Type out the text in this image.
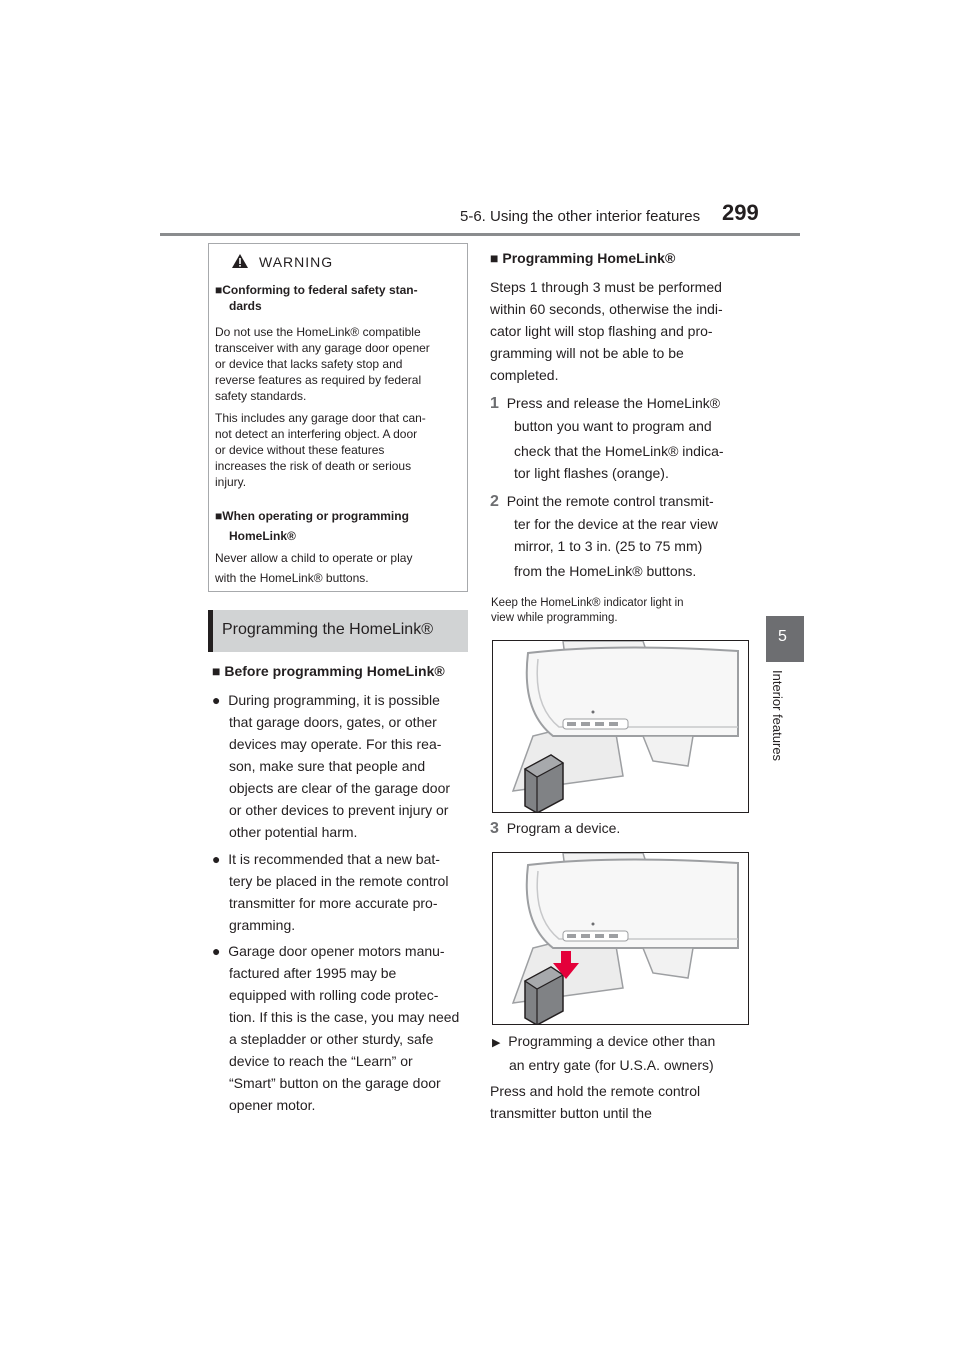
5-6. Using the other interior features 299
5
Interior features
WARNING
■Conforming to federal safety stan-
dards
Do not use the HomeLink® compatible
transceiver with any garage door opener
or device that lacks safety stop and
reverse features as required by federal
safety standards.
This includes any garage door that can-
not detect an interfering object. A door
or device without these features
increases the risk of death or serious
injury.
■When operating or programming
HomeLink®
Never allow a child to operate or play
with the HomeLink® buttons.
Programming the HomeLink®
■ Before programming HomeLink®
● During programming, it is possible
that garage doors, gates, or other
devices may operate. For this rea-
son, make sure that people and
objects are clear of the garage door
or other devices to prevent injury or
other potential harm.
● It is recommended that a new bat-
tery be placed in the remote control
transmitter for more accurate pro-
gramming.
● Garage door opener motors manu-
factured after 1995 may be
equipped with rolling code protec-
tion. If this is the case, you may need
a stepladder or other sturdy, safe
device to reach the “Learn” or
“Smart” button on the garage door
opener motor.
■ Programming HomeLink®
Steps 1 through 3 must be performed
within 60 seconds, otherwise the indi-
cator light will stop flashing and pro-
gramming will not be able to be
completed.
1 Press and release the HomeLink®
button you want to program and
check that the HomeLink® indica-
tor light flashes (orange).
2 Point the remote control transmit-
ter for the device at the rear view
mirror, 1 to 3 in. (25 to 75 mm)
from the HomeLink® buttons.
Keep the HomeLink® indicator light in
view while programming.
3 Program a device.
▶ Programming a device other than
an entry gate (for U.S.A. owners)
Press and hold the remote control
transmitter button until the
